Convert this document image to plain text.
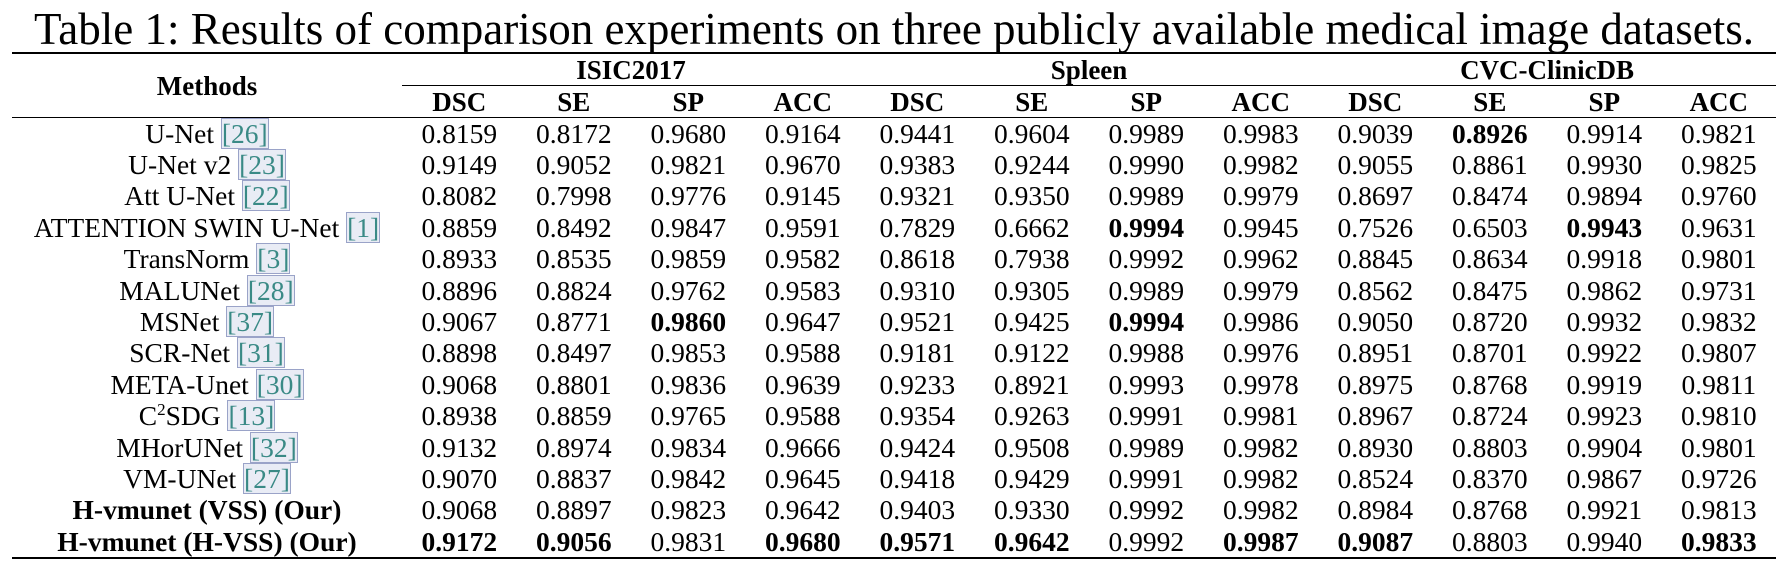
Table 1: Results of comparison experiments on three publicly available medical image datasets.
Methods	ISIC2017				Spleen				CVC-ClinicDB			
	DSC	SE	SP	ACC	DSC	SE	SP	ACC	DSC	SE	SP	ACC
U-Net [26]	0.8159	0.8172	0.9680	0.9164	0.9441	0.9604	0.9989	0.9983	0.9039	0.8926	0.9914	0.9821
U-Net v2 [23]	0.9149	0.9052	0.9821	0.9670	0.9383	0.9244	0.9990	0.9982	0.9055	0.8861	0.9930	0.9825
Att U-Net [22]	0.8082	0.7998	0.9776	0.9145	0.9321	0.9350	0.9989	0.9979	0.8697	0.8474	0.9894	0.9760
ATTENTION SWIN U-Net [1]	0.8859	0.8492	0.9847	0.9591	0.7829	0.6662	0.9994	0.9945	0.7526	0.6503	0.9943	0.9631
TransNorm [3]	0.8933	0.8535	0.9859	0.9582	0.8618	0.7938	0.9992	0.9962	0.8845	0.8634	0.9918	0.9801
MALUNet [28]	0.8896	0.8824	0.9762	0.9583	0.9310	0.9305	0.9989	0.9979	0.8562	0.8475	0.9862	0.9731
MSNet [37]	0.9067	0.8771	0.9860	0.9647	0.9521	0.9425	0.9994	0.9986	0.9050	0.8720	0.9932	0.9832
SCR-Net [31]	0.8898	0.8497	0.9853	0.9588	0.9181	0.9122	0.9988	0.9976	0.8951	0.8701	0.9922	0.9807
META-Unet [30]	0.9068	0.8801	0.9836	0.9639	0.9233	0.8921	0.9993	0.9978	0.8975	0.8768	0.9919	0.9811
$C^2SDG$ [13]	0.8938	0.8859	0.9765	0.9588	0.9354	0.9263	0.9991	0.9981	0.8967	0.8724	0.9923	0.9810
MHorUNet [32]	0.9132	0.8974	0.9834	0.9666	0.9424	0.9508	0.9989	0.9982	0.8930	0.8803	0.9904	0.9801
VM-UNet [27]	0.9070	0.8837	0.9842	0.9645	0.9418	0.9429	0.9991	0.9982	0.8524	0.8370	0.9867	0.9726
H-vmunet (VSS) (Our)	0.9068	0.8897	0.9823	0.9642	0.9403	0.9330	0.9992	0.9982	0.8984	0.8768	0.9921	0.9813
H-vmunet (H-VSS) (Our)	0.9172	0.9056	0.9831	0.9680	0.9571	0.9642	0.9992	0.9987	0.9087	0.8803	0.9940	0.9833
